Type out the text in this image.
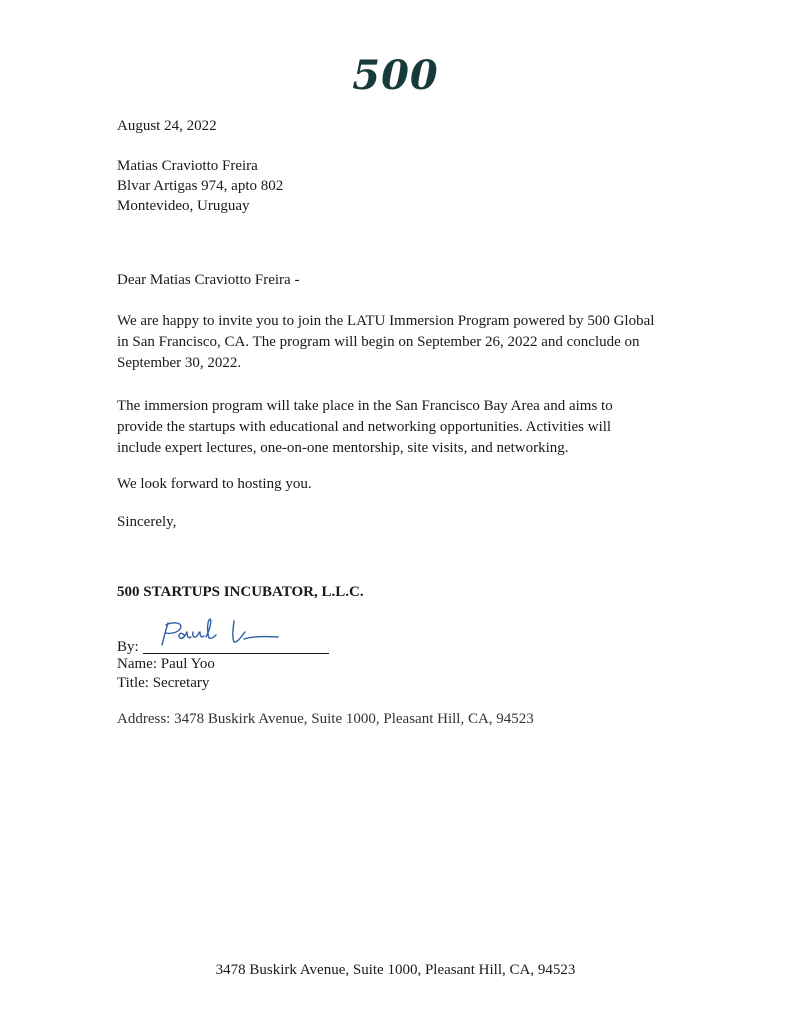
500
August 24, 2022
Matias Craviotto Freira
Blvar Artigas 974, apto 802
Montevideo, Uruguay
Dear Matias Craviotto Freira -
We are happy to invite you to join the LATU Immersion Program powered by 500 Global
in San Francisco, CA. The program will begin on September 26, 2022 and conclude on
September 30, 2022.
The immersion program will take place in the San Francisco Bay Area and aims to
provide the startups with educational and networking opportunities. Activities will
include expert lectures, one-on-one mentorship, site visits, and networking.
We look forward to hosting you.
Sincerely,
500 STARTUPS INCUBATOR, L.L.C.
By:
Name: Paul Yoo
Title: Secretary
Address: 3478 Buskirk Avenue, Suite 1000, Pleasant Hill, CA, 94523
3478 Buskirk Avenue, Suite 1000, Pleasant Hill, CA, 94523
